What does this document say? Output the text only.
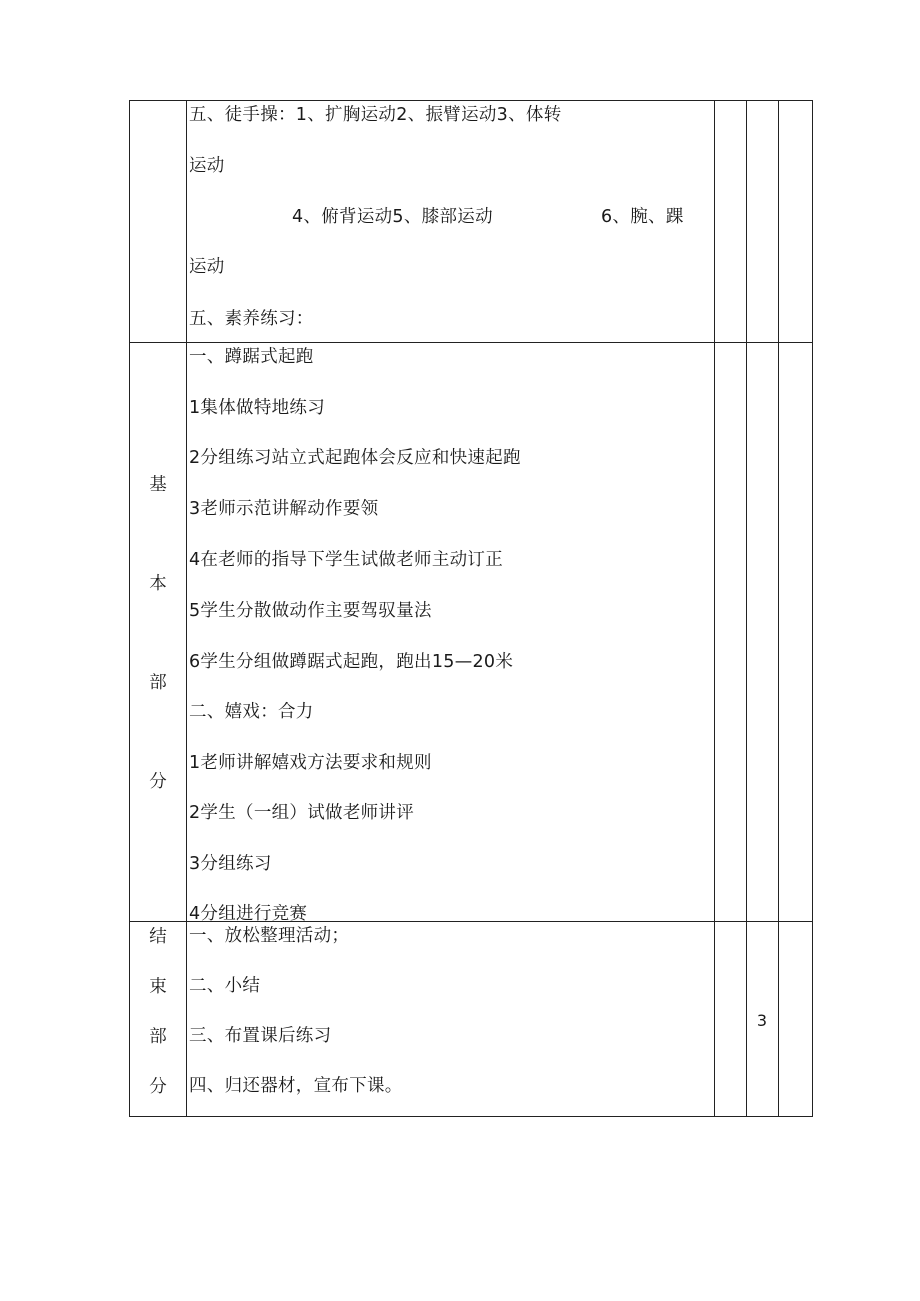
五、徒手操：1、扩胸运动2、振臂运动3、体转
运动
4、俯背运动5、膝部运动	6、腕、踝
运动
五、素养练习：
基
本
部
分
一、蹲踞式起跑
1集体做特地练习
2分组练习站立式起跑体会反应和快速起跑
3老师示范讲解动作要领
4在老师的指导下学生试做老师主动订正
5学生分散做动作主要驾驭量法
6学生分组做蹲踞式起跑，跑出15—20米
二、嬉戏：合力
1老师讲解嬉戏方法要求和规则
2学生（一组）试做老师讲评
3分组练习
4分组进行竞赛
结
束
部
分
一、放松整理活动；
二、小结
三、布置课后练习
四、归还器材，宣布下课。
3
